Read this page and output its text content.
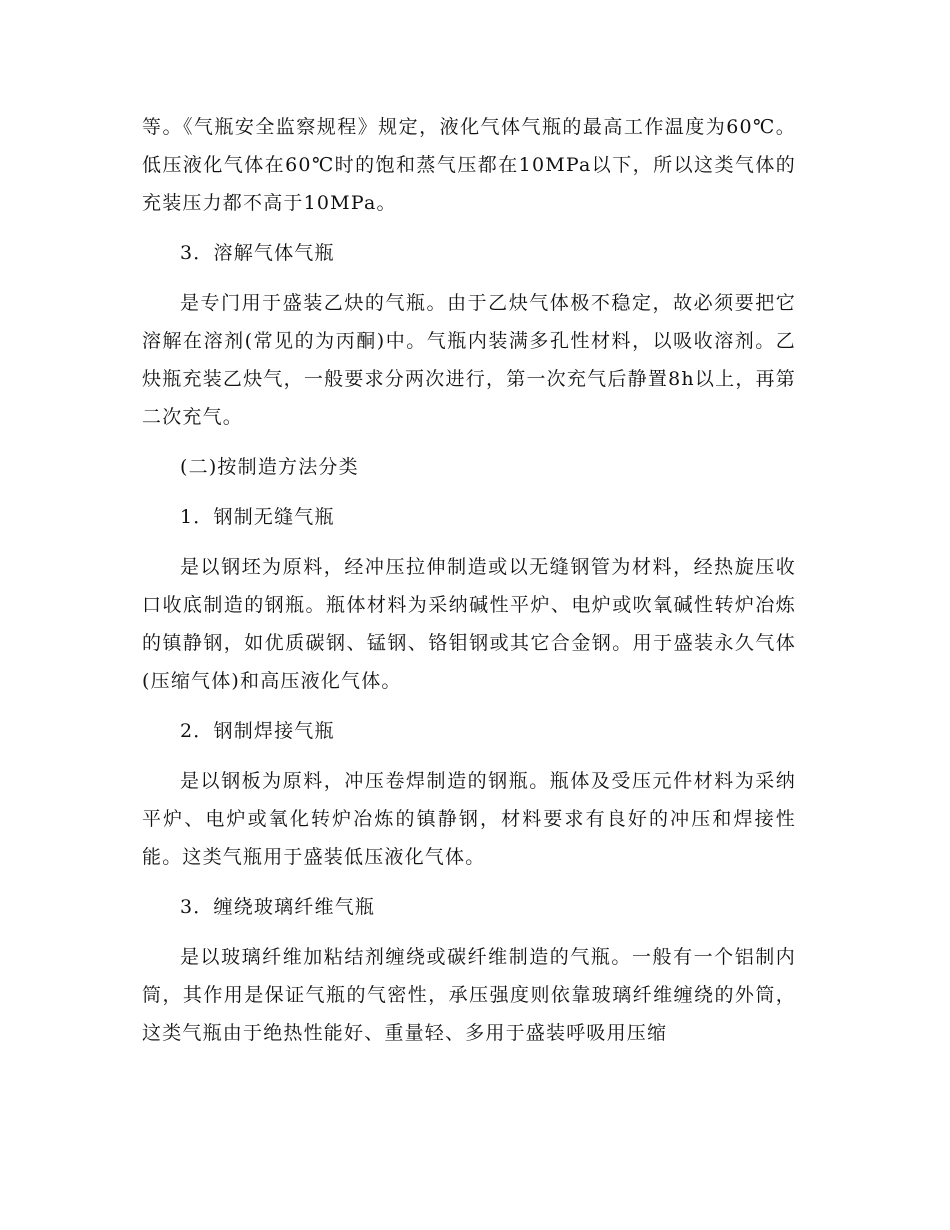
等。《气瓶安全监察规程》规定，液化气体气瓶的最高工作温度为60℃。低压液化气体在60℃时的饱和蒸气压都在10MPa以下，所以这类气体的充装压力都不高于10MPa。

3．溶解气体气瓶

是专门用于盛装乙炔的气瓶。由于乙炔气体极不稳定，故必须要把它溶解在溶剂(常见的为丙酮)中。气瓶内装满多孔性材料，以吸收溶剂。乙炔瓶充装乙炔气，一般要求分两次进行，第一次充气后静置8h以上，再第二次充气。

(二)按制造方法分类

1．钢制无缝气瓶

是以钢坯为原料，经冲压拉伸制造或以无缝钢管为材料，经热旋压收口收底制造的钢瓶。瓶体材料为采纳碱性平炉、电炉或吹氧碱性转炉冶炼的镇静钢，如优质碳钢、锰钢、铬钼钢或其它合金钢。用于盛装永久气体(压缩气体)和高压液化气体。

2．钢制焊接气瓶

是以钢板为原料，冲压卷焊制造的钢瓶。瓶体及受压元件材料为采纳平炉、电炉或氧化转炉冶炼的镇静钢，材料要求有良好的冲压和焊接性能。这类气瓶用于盛装低压液化气体。

3．缠绕玻璃纤维气瓶

是以玻璃纤维加粘结剂缠绕或碳纤维制造的气瓶。一般有一个铝制内筒，其作用是保证气瓶的气密性，承压强度则依靠玻璃纤维缠绕的外筒，这类气瓶由于绝热性能好、重量轻、多用于盛装呼吸用压缩
